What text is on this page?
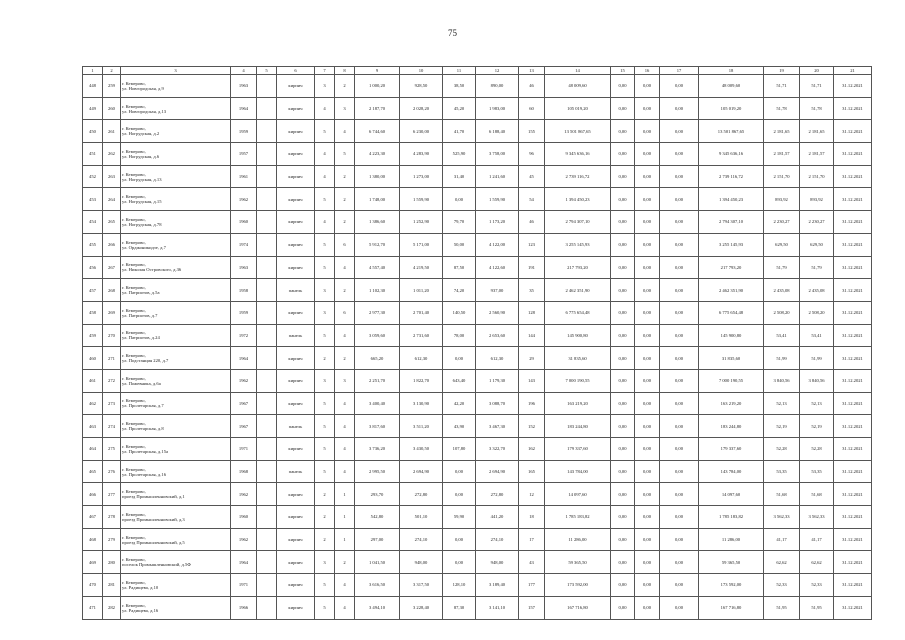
75
1	2	3	4	5	6	7	8	9	10	11	12	13	14	15	16	17	18	19	20	21
448	259	г. Кемерово,
ул. Новгородская, д.9	1963		кирпич	3	2	1 000,20	928,50	38,50	890,00	46	48 009,60	0,00	0,00	0,00	48 009,60	51,71	51,71	31.12.2021
449	260	г. Кемерово,
ул. Новгородская, д.13	1964		кирпич	4	3	2 187,70	2 028,20	45,20	1 983,00	60	105 019,20	0,00	0,00	0,00	105 019,20	51,78	51,78	31.12.2021
450	261	г. Кемерово,
ул. Ногрудская, д.2	1959		кирпич	5	4	6 744,60	6 230,00	41,70	6 188,40	155	13 501 867,65	0,00	0,00	0,00	13 501 867,65	2 181,65	2 181,65	31.12.2021
451	262	г. Кемерово,
ул. Ногрудская, д.6	1957		кирпич	4	5	4 223,30	4 283,90	525,90	3 758,00	96	9 345 636,16	0,00	0,00	0,00	9 345 636,16	2 181,57	2 181,57	31.12.2021
452	263	г. Кемерово,
ул. Ногрудская, д.13	1961		кирпич	4	2	1 380,00	1 273,00	31,40	1 241,60	45	2 739 116,72	0,00	0,00	0,00	2 739 116,72	2 151,70	2 151,70	31.12.2021
453	264	г. Кемерово,
ул. Ногрудская, д.15	1962		кирпич	5	2	1 748,00	1 559,90	0,00	1 559,90	54	1 394 450,23	0,00	0,00	0,00	1 394 450,23	893,92	893,92	31.12.2021
454	265	г. Кемерово,
ул. Ногрудская, д.78	1960		кирпич	4	2	1 386,60	1 252,90	79,70	1 173,20	46	2 794 307,10	0,00	0,00	0,00	2 794 307,10	2 230,27	2 230,27	31.12.2021
455	266	г. Кемерово,
ул. Орджоникидзе, д.7	1974		кирпич	5	6	5 912,70	5 171,00	50,00	4 122,00	123	3 255 145,93	0,00	0,00	0,00	3 255 145,93	629,50	629,50	31.12.2021
456	267	г. Кемерово,
ул. Николая Островского, д.36	1963		кирпич	5	4	4 557,40	4 219,50	87,50	4 122,60	191	217 793,20	0,00	0,00	0,00	217 793,20	51,79	51,79	31.12.2021
457	268	г. Кемерово,
ул. Патриотов, д.5а	1958		панель	3	2	1 102,30	1 011,20	74,20	937,00	35	2 462 351,90	0,00	0,00	0,00	2 462 351,90	2 435,08	2 435,08	31.12.2021
458	269	г. Кемерово,
ул. Патриотов, д.7	1959		кирпич	3	6	2 977,30	2 701,40	140,50	2 560,90	128	6 775 654,48	0,00	0,00	0,00	6 775 654,48	2 508,20	2 508,20	31.12.2021
459	270	г. Кемерово,
ул. Патриотов, д.24	1972		панель	5	4	3 059,60	2 731,60	78,00	2 653,60	144	145 900,80	0,00	0,00	0,00	145 900,80	53,41	53,41	31.12.2021
460	271	г. Кемерово,
ул. Подстанция 220, д.7	1964		кирпич	2	2	665,20	612,30	0,00	612,30	29	31 835,60	0,00	0,00	0,00	31 835,60	51,99	51,99	31.12.2021
461	272	г. Кемерово,
ул. Пожевника, д.6а	1962		кирпич	3	3	2 251,70	1 822,70	643,40	1 179,30	143	7 000 190,55	0,00	0,00	0,00	7 000 190,55	3 840,56	3 840,56	31.12.2021
462	273	г. Кемерово,
ул. Пролетарская, д.7	1967		кирпич	5	4	3 400,40	3 130,90	42,20	3 088,70	196	163 219,20	0,00	0,00	0,00	163 219,20	52,13	52,13	31.12.2021
463	274	г. Кемерово,
ул. Пролетарская, д.8	1967		панель	5	4	3 817,60	3 511,20	43,90	3 467,30	152	183 244,80	0,00	0,00	0,00	183 244,80	52,19	52,19	31.12.2021
464	275	г. Кемерово,
ул. Пролетарская, д.15а	1971		кирпич	5	4	3 736,20	3 430,50	107,80	3 322,70	162	179 337,60	0,00	0,00	0,00	179 337,60	52,28	52,28	31.12.2021
465	276	г. Кемерово,
ул. Пролетарская, д.16	1968		панель	5	4	2 995,50	2 694,90	0,00	2 694,90	165	143 784,00	0,00	0,00	0,00	143 784,00	53,35	53,35	31.12.2021
466	277	г. Кемерово,
проезд Промышленновский, д.1	1962		кирпич	2	1	293,70	272,80	0,00	272,80	12	14 097,60	0,00	0,00	0,00	14 097,60	51,68	51,68	31.12.2021
467	278	г. Кемерово,
проезд Промышленновский, д.3	1960		кирпич	2	1	542,80	501,10	59,90	441,20	18	1 785 183,82	0,00	0,00	0,00	1 785 183,82	3 562,33	3 562,33	31.12.2021
468	279	г. Кемерово,
проезд Промышленновский, д.5	1962		кирпич	2	1	297,00	274,10	0,00	274,10	17	11 286,00	0,00	0,00	0,00	11 286,00	41,17	41,17	31.12.2021
469	280	г. Кемерово,
поселок Промышленновский, д.5Ф	1964		кирпич	3	2	1 041,50	948,00	0,00	948,00	43	59 365,50	0,00	0,00	0,00	59 365,50	62,62	62,62	31.12.2021
470	281	г. Кемерово,
ул. Радищева, д.10	1971		кирпич	5	4	3 616,50	3 317,50	128,10	3 189,40	177	173 592,00	0,00	0,00	0,00	173 592,00	52,33	52,33	31.12.2021
471	282	г. Кемерово,
ул. Радищева, д.16	1966		кирпич	5	4	3 494,10	3 228,40	87,30	3 141,10	157	167 716,80	0,00	0,00	0,00	167 716,80	51,95	51,95	31.12.2021
